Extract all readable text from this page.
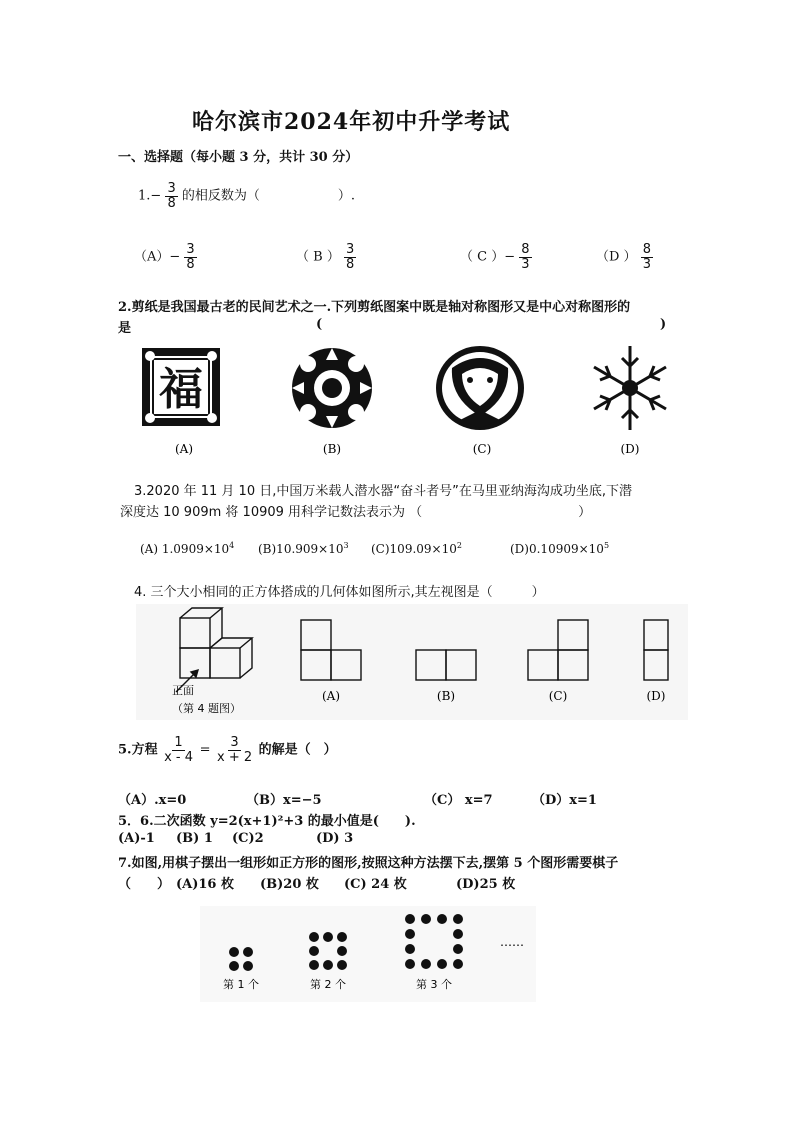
哈尔滨市2024年初中升学考试
一、选择题（每小题 3 分，共计 30 分）
$1.- \frac{3}{8}$ 的相反数为（　　　　　　）.
$(A)- \frac{3}{8}$	（ B ） $\frac{3}{8}$	（ C ）− $\frac{8}{3}$	（D ） $\frac{8}{3}$
2.剪纸是我国最古老的民间艺术之一.下列剪纸图案中既是轴对称图形又是中心对称图形的
是	(	)
福
(A)	(B)	(C)	(D)
3.2020 年 11 月 10 日,中国万米载人潜水器“奋斗者号”在马里亚纳海沟成功坐底,下潜
深度达 10 909m 将 10909 用科学记数法表示为 （　　　　　　　　　　　　）
(A) $1.0909\times 10^4$ $(B)10.909\times 10^3$ $(C)109.09\times 10^2$	$(D)0.10909\times 10^5$
4. 三个大小相同的正方体搭成的几何体如图所示,其左视图是（　　　）
正面
（第 4 题图）
(A)	(B)	(C)	(D)
5.方程 $\frac{1}{x - 4} = \frac{3}{x + 2}$ 的解是（　）
（A）.x=0	（B）x=−5	（C） x=7	（D）x=1
5．6.二次函数 y=2(x+1)²+3 的最小值是(　　).
(A)-1 (B) 1 (C)2	(D) 3
7.如图,用棋子摆出一组形如正方形的图形,按照这种方法摆下去,摆第 5 个图形需要棋子
（　　） (A)16 枚 (B)20 枚 (C) 24 枚	(D)25 枚
……
第 1 个	第 2 个	第 3 个
